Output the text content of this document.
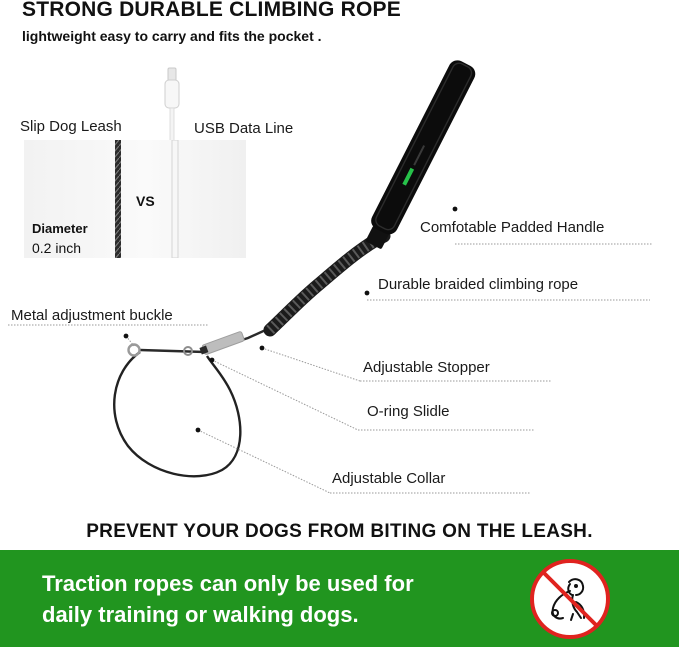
STRONG DURABLE CLIMBING ROPE
lightweight easy to carry and fits the pocket .
Slip Dog Leash	USB Data Line
VS
Diameter
0.2 inch
Comfotable Padded Handle
Durable braided climbing rope
Metal adjustment buckle
Adjustable Stopper
O-ring Slidle
Adjustable Collar
PREVENT YOUR DOGS FROM BITING ON THE LEASH.
Traction ropes can only be used for
daily training or walking dogs.
